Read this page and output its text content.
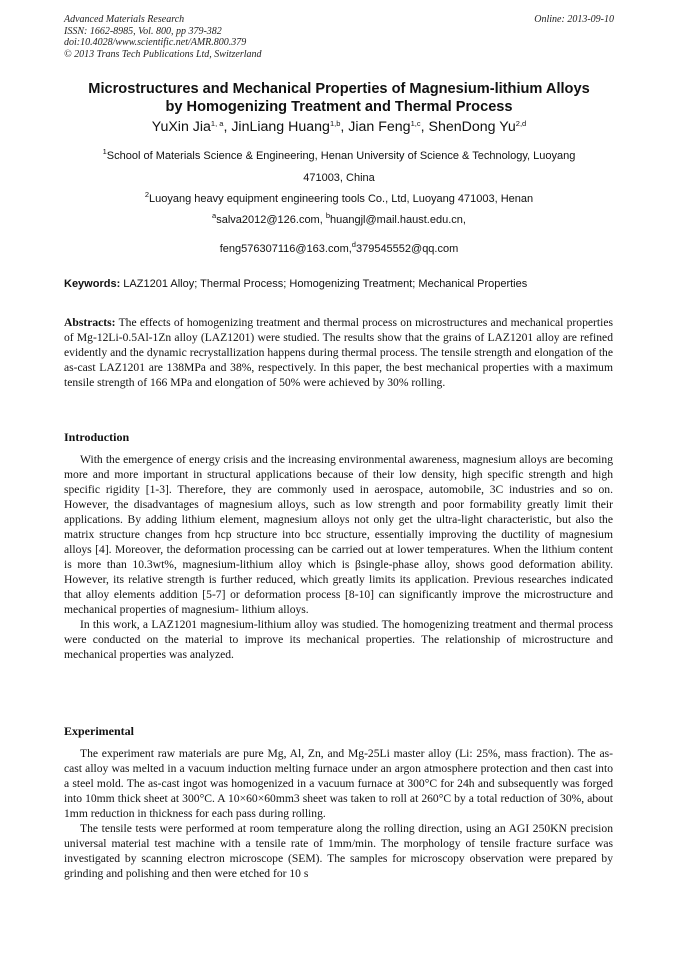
Advanced Materials Research
ISSN: 1662-8985, Vol. 800, pp 379-382
doi:10.4028/www.scientific.net/AMR.800.379
© 2013 Trans Tech Publications Ltd, Switzerland
Online: 2013-09-10
Microstructures and Mechanical Properties of Magnesium-lithium Alloys
by Homogenizing Treatment and Thermal Process
YuXin Jia$^{1, a}$, JinLiang Huang$^{1,b}$, Jian Feng$^{1,c}$, ShenDong Yu$^{2,d}$
$^1$School of Materials Science & Engineering, Henan University of Science & Technology, Luoyang
471003, China
$^2$Luoyang heavy equipment engineering tools Co., Ltd, Luoyang 471003, Henan
$^a$salva2012@126.com, $^b$huangjl@mail.haust.edu.cn,
feng576307116@163.com,$^d$379545552@qq.com
Keywords: LAZ1201 Alloy; Thermal Process; Homogenizing Treatment; Mechanical Properties

Abstracts: The effects of homogenizing treatment and thermal process on microstructures and mechanical properties of Mg-12Li-0.5Al-1Zn alloy (LAZ1201) were studied. The results show that the grains of LAZ1201 alloy are refined evidently and the dynamic recrystallization happens during thermal process. The tensile strength and elongation of the as-cast LAZ1201 are 138MPa and 38%, respectively. In this paper, the best mechanical properties with a maximum tensile strength of 166 MPa and elongation of 50% were achieved by 30% rolling.

Introduction

With the emergence of energy crisis and the increasing environmental awareness, magnesium alloys are becoming more and more important in structural applications because of their low density, high specific strength and high specific rigidity [1-3]. Therefore, they are commonly used in aerospace, automobile, 3C industries and so on. However, the disadvantages of magnesium alloys, such as low strength and poor formability greatly limit their applications. By adding lithium element, magnesium alloys not only get the ultra-light characteristic, but also the matrix structure changes from hcp structure into bcc structure, essentially improving the ductility of magnesium alloys [4]. Moreover, the deformation processing can be carried out at lower temperatures. When the lithium content is more than 10.3wt%, magnesium-lithium alloy which is βsingle-phase alloy, shows good deformation ability. However, its relative strength is further reduced, which greatly limits its application. Previous researches indicated that alloy elements addition [5-7] or deformation process [8-10] can significantly improve the microstructure and mechanical properties of magnesium- lithium alloys.

In this work, a LAZ1201 magnesium-lithium alloy was studied. The homogenizing treatment and thermal process were conducted on the material to improve its mechanical properties. The relationship of microstructure and mechanical properties was analyzed.

Experimental

The experiment raw materials are pure Mg, Al, Zn, and Mg-25Li master alloy (Li: 25%, mass fraction). The as-cast alloy was melted in a vacuum induction melting furnace under an argon atmosphere protection and then cast into a steel mold. The as-cast ingot was homogenized in a vacuum furnace at 300°C for 24h and subsequently was forged into 10mm thick sheet at 300°C. A 10×60×60mm3 sheet was taken to roll at 260°C by a total reduction of 30%, about 1mm reduction in thickness for each pass during rolling.

The tensile tests were performed at room temperature along the rolling direction, using an AGI 250KN precision universal material test machine with a tensile rate of 1mm/min. The morphology of tensile fracture surface was investigated by scanning electron microscope (SEM). The samples for microscopy observation were prepared by grinding and polishing and then were etched for 10 s
